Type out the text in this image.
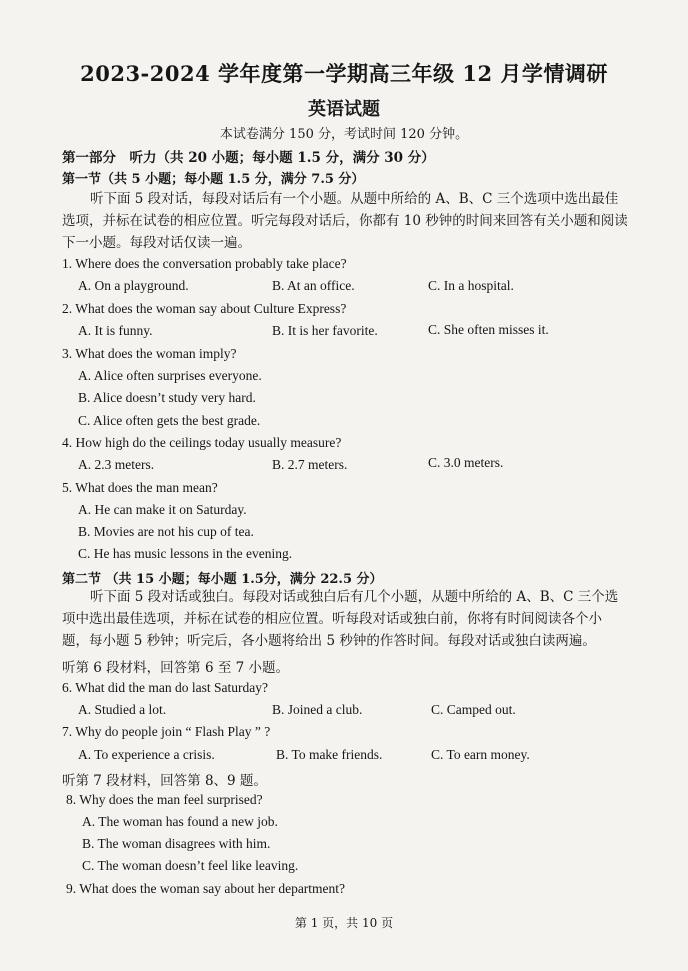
2023-2024 学年度第一学期高三年级 12 月学情调研
英语试题
本试卷满分 150 分，考试时间 120 分钟。
第一部分　听力（共 20 小题；每小题 1.5 分，满分 30 分）
第一节（共 5 小题；每小题 1.5 分，满分 7.5 分）
听下面 5 段对话，每段对话后有一个小题。从题中所给的 A、B、C 三个选项中选出最佳选项，并标在试卷的相应位置。听完每段对话后，你都有 10 秒钟的时间来回答有关小题和阅读下一小题。每段对话仅读一遍。
1. Where does the conversation probably take place?
A. On a playground.	B. At an office.	C. In a hospital.
2. What does the woman say about Culture Express?
A. It is funny.	B. It is her favorite.	C. She often misses it.
3. What does the woman imply?
A. Alice often surprises everyone.
B. Alice doesn’t study very hard.
C. Alice often gets the best grade.
4. How high do the ceilings today usually measure?
A. 2.3 meters.	B. 2.7 meters.	C. 3.0 meters.
5. What does the man mean?
A. He can make it on Saturday.
B. Movies are not his cup of tea.
C. He has music lessons in the evening.
第二节 （共 15 小题；每小题 1.5分，满分 22.5 分）
听下面 5 段对话或独白。每段对话或独白后有几个小题，从题中所给的 A、B、C 三个选项中选出最佳选项，并标在试卷的相应位置。听每段对话或独白前，你将有时间阅读各个小题，每小题 5 秒钟；听完后，各小题将给出 5 秒钟的作答时间。每段对话或独白读两遍。
听第 6 段材料，回答第 6 至 7 小题。
6. What did the man do last Saturday?
A. Studied a lot.	B. Joined a club.	C. Camped out.
7. Why do people join “ Flash Play ” ?
A. To experience a crisis.	B. To make friends.	C. To earn money.
听第 7 段材料，回答第 8、9 题。
8. Why does the man feel surprised?
A. The woman has found a new job.
B. The woman disagrees with him.
C. The woman doesn’t feel like leaving.
9. What does the woman say about her department?
第 1 页，共 10 页
